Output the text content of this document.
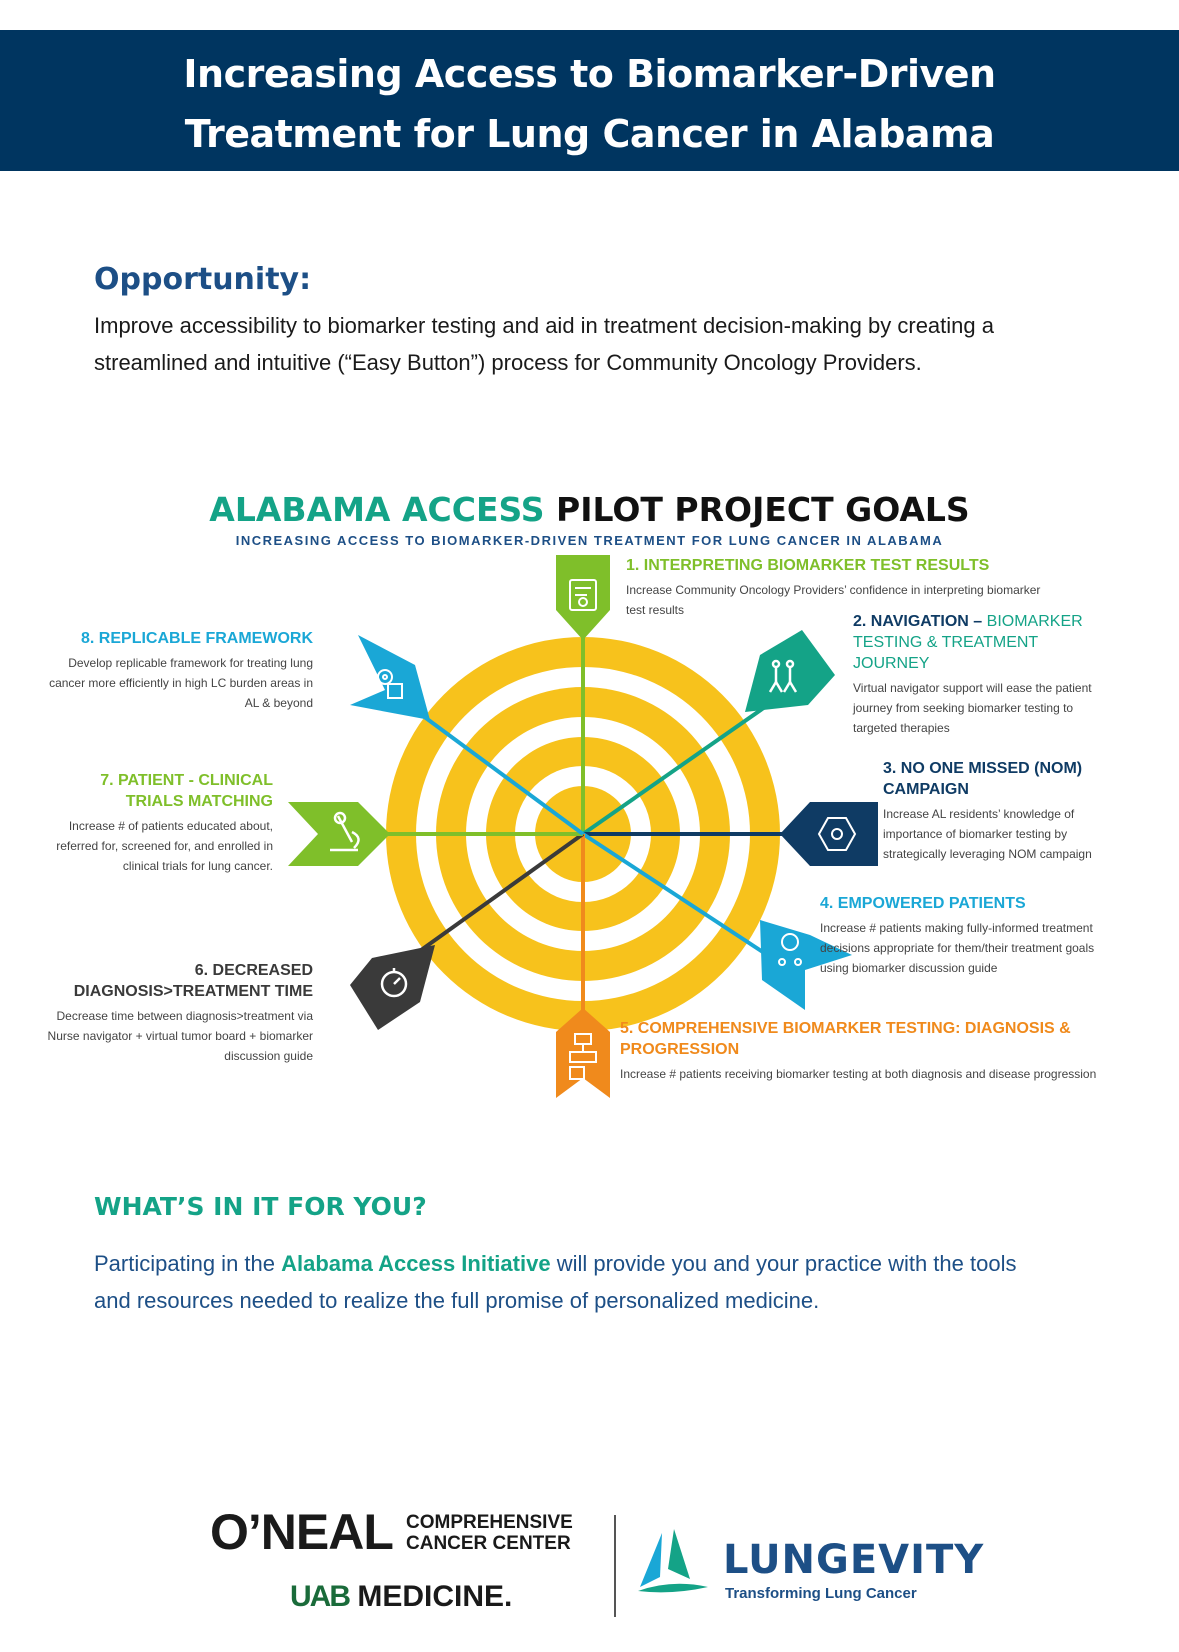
Increasing Access to Biomarker-Driven
Treatment for Lung Cancer in Alabama
Opportunity:
Improve accessibility to biomarker testing and aid in treatment decision-making by creating a streamlined and intuitive (“Easy Button”) process for Community Oncology Providers.
ALABAMA ACCESS PILOT PROJECT GOALS
INCREASING ACCESS TO BIOMARKER-DRIVEN TREATMENT FOR LUNG CANCER IN ALABAMA
1. INTERPRETING BIOMARKER TEST RESULTS
Increase Community Oncology Providers’ confidence in interpreting biomarker test results
2. NAVIGATION – BIOMARKER TESTING & TREATMENT JOURNEY
Virtual navigator support will ease the patient journey from seeking biomarker testing to targeted therapies
3. NO ONE MISSED (NOM) CAMPAIGN
Increase AL residents’ knowledge of importance of biomarker testing by strategically leveraging NOM campaign
4. EMPOWERED PATIENTS
Increase # patients making fully-informed treatment decisions appropriate for them/their treatment goals using biomarker discussion guide
5. COMPREHENSIVE BIOMARKER TESTING: DIAGNOSIS & PROGRESSION
Increase # patients receiving biomarker testing at both diagnosis and disease progression
6. DECREASED DIAGNOSIS>TREATMENT TIME
Decrease time between diagnosis>treatment via Nurse navigator + virtual tumor board + biomarker discussion guide
7. PATIENT - CLINICAL TRIALS MATCHING
Increase # of patients educated about, referred for, screened for, and enrolled in clinical trials for lung cancer.
8. REPLICABLE FRAMEWORK
Develop replicable framework for treating lung cancer more efficiently in high LC burden areas in AL & beyond
WHAT’S IN IT FOR YOU?
Participating in the Alabama Access Initiative will provide you and your practice with the tools and resources needed to realize the full promise of personalized medicine.
O’NEAL COMPREHENSIVE
CANCER CENTER
UAB MEDICINE.
LUNGEVITY
Transforming Lung Cancer
